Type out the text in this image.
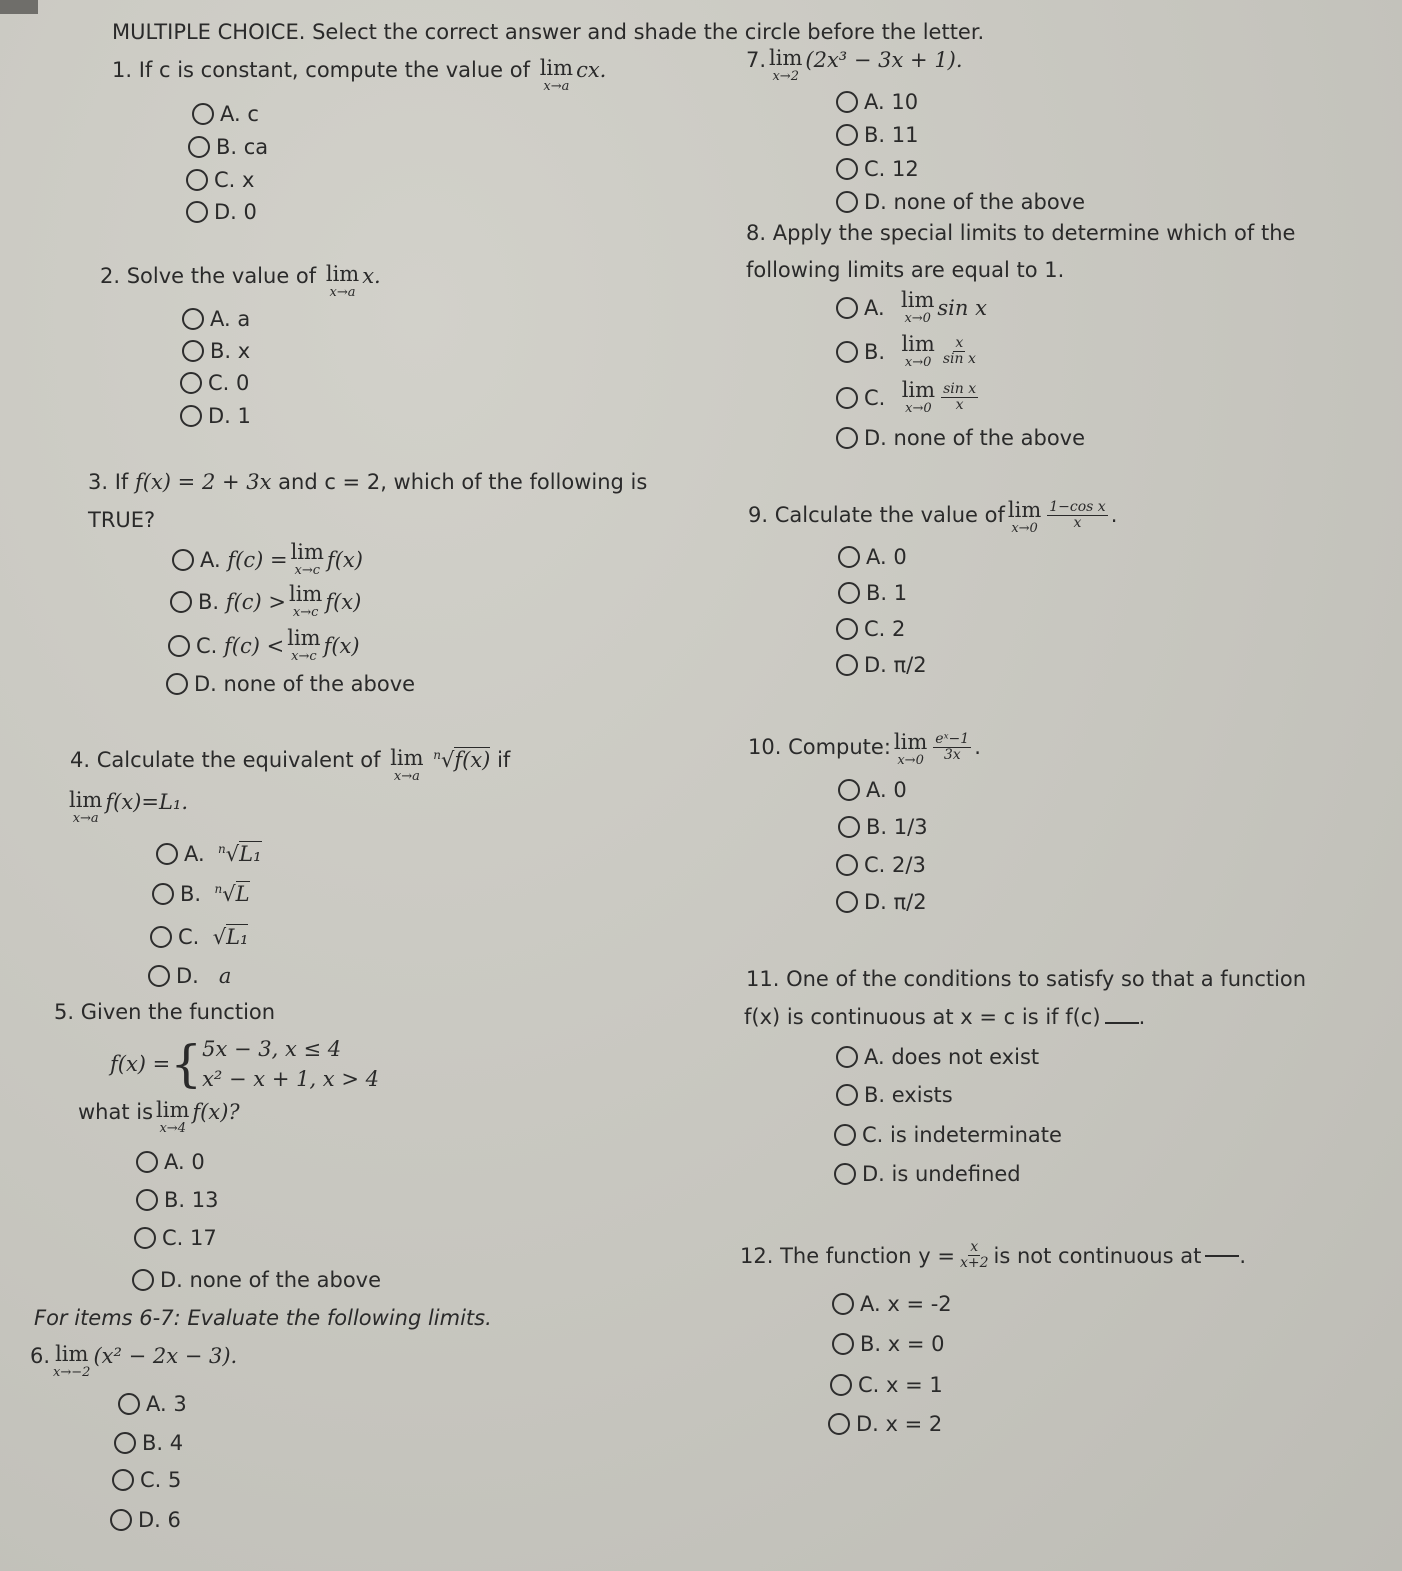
MULTIPLE CHOICE. Select the correct answer and shade the circle before the letter.
1. If c is constant, compute the value of lim
x→a
cx.
A. c
B. ca
C. x
D. 0
2. Solve the value of lim
x→a
x.
A. a
B. x
C. 0
D. 1
3. If f(x) = 2 + 3x and c = 2, which of the following is
TRUE?
A.
f(c) = lim
x→c f(x)
B.
f(c) > lim
x→c f(x)
C.
f(c) < lim
x→c f(x)
D.
none of the above
4. Calculate the equivalent of lim
x→a
$^n$√f(x) if
lim
x→a
f(x)=L₁.
A.
$^n$√L₁
B.
$^n$√L
C.
√L₁
D.
a
5. Given the function
f(x) = { 5x − 3, x ≤ 4
x² − x + 1, x > 4
what is lim
x→4
f(x)?
A. 0
B. 13
C. 17
D. none of the above
For items 6-7: Evaluate the following limits.
6. lim
x→−2
(x² − 2x − 3).
A. 3
B. 4
C. 5
D. 6
7. lim
x→2
(2x³ − 3x + 1).
A. 10
B. 11
C. 12
D. none of the above
8. Apply the special limits to determine which of the
following limits are equal to 1.
A.
lim
x→0 sin x
B.
lim
$x\to 0 \frac{x}{\text{sin x}}$
C.
lim
$x\to 0 \frac{\text{sin x}}{x}$
D. none of the above
9. Calculate the value of lim
$x\to 0 \frac{\text{1−cos x}}{x}$ .
A. 0
B. 1
C. 2
D. π/2
10. Compute: lim
$x\to 0 \frac{\text{eˣ−1}}{3x}$ .
A. 0
B. 1/3
C. 2/3
D. π/2
11. One of the conditions to satisfy so that a function
f(x) is continuous at x = c is if f(c) .
A. does not exist
B. exists
C. is indeterminate
D. is undefined
12. The function $y = \frac{x}{x+2}$ is not continuous at .
A. x = -2
B. x = 0
C. x = 1
D. x = 2
